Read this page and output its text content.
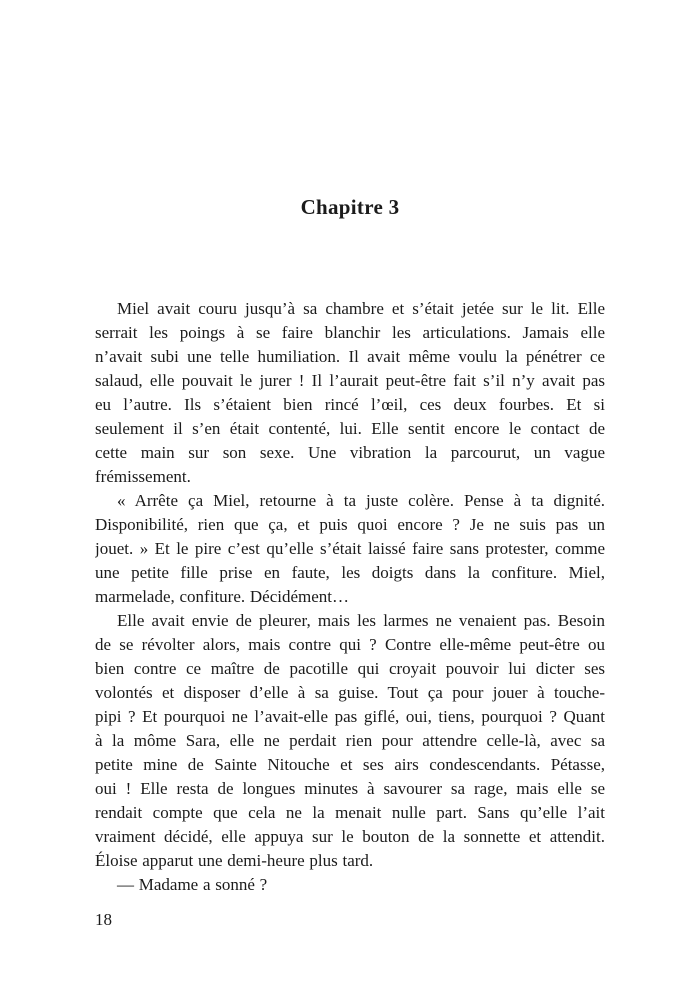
Chapitre 3
Miel avait couru jusqu’à sa chambre et s’était jetée sur le lit. Elle
serrait les poings à se faire blanchir les articulations. Jamais elle
n’avait subi une telle humiliation. Il avait même voulu la pénétrer ce
salaud, elle pouvait le jurer ! Il l’aurait peut-être fait s’il n’y avait pas
eu l’autre. Ils s’étaient bien rincé l’œil, ces deux fourbes. Et si
seulement il s’en était contenté, lui. Elle sentit encore le contact de
cette main sur son sexe. Une vibration la parcourut, un vague
frémissement.
« Arrête ça Miel, retourne à ta juste colère. Pense à ta dignité.
Disponibilité, rien que ça, et puis quoi encore ? Je ne suis pas un
jouet. » Et le pire c’est qu’elle s’était laissé faire sans protester, comme
une petite fille prise en faute, les doigts dans la confiture. Miel,
marmelade, confiture. Décidément…
Elle avait envie de pleurer, mais les larmes ne venaient pas. Besoin
de se révolter alors, mais contre qui ? Contre elle-même peut-être ou
bien contre ce maître de pacotille qui croyait pouvoir lui dicter ses
volontés et disposer d’elle à sa guise. Tout ça pour jouer à touche-
pipi ? Et pourquoi ne l’avait-elle pas giflé, oui, tiens, pourquoi ? Quant
à la môme Sara, elle ne perdait rien pour attendre celle-là, avec sa
petite mine de Sainte Nitouche et ses airs condescendants. Pétasse,
oui ! Elle resta de longues minutes à savourer sa rage, mais elle se
rendait compte que cela ne la menait nulle part. Sans qu’elle l’ait
vraiment décidé, elle appuya sur le bouton de la sonnette et attendit.
Éloise apparut une demi-heure plus tard.
— Madame a sonné ?
18
